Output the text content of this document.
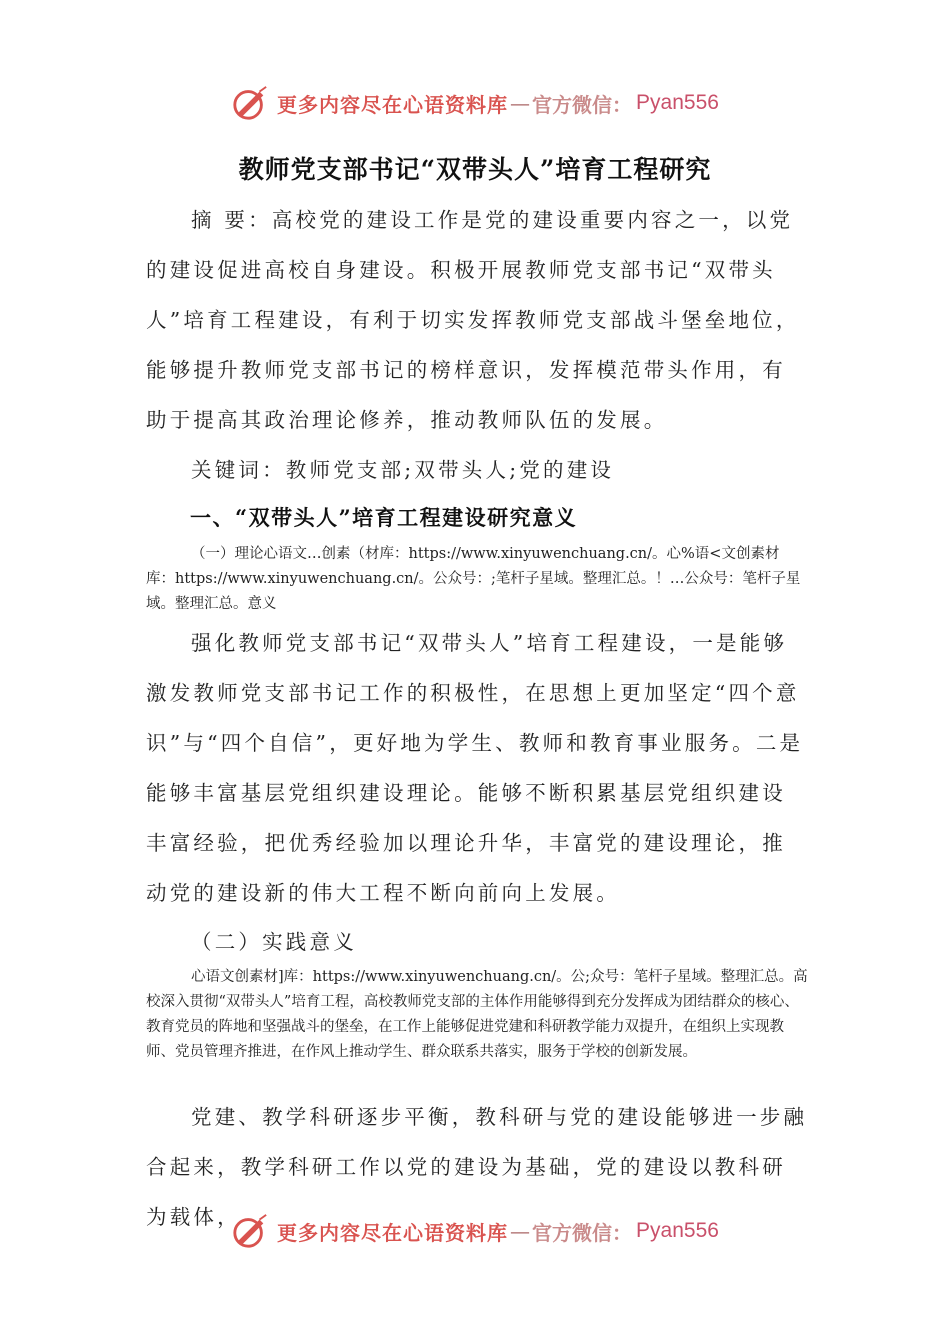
更多内容尽在心语资料库 — 官方微信： Pyan556
教师党支部书记“双带头人”培育工程研究
摘 要：高校党的建设工作是党的建设重要内容之一，以党的建设促进高校自身建设。积极开展教师党支部书记“双带头人”培育工程建设，有利于切实发挥教师党支部战斗堡垒地位，能够提升教师党支部书记的榜样意识，发挥模范带头作用，有助于提高其政治理论修养，推动教师队伍的发展。
关键词：教师党支部;双带头人;党的建设
一、“双带头人”培育工程建设研究意义
（一）理论心语文…创素（材库：https://www.xinyuwenchuang.cn/。心%语<文创素材库：https://www.xinyuwenchuang.cn/。公众号：;笔杆子星域。整理汇总。！…公众号：笔杆子星域。整理汇总。意义
强化教师党支部书记“双带头人”培育工程建设，一是能够激发教师党支部书记工作的积极性，在思想上更加坚定“四个意识”与“四个自信”，更好地为学生、教师和教育事业服务。二是能够丰富基层党组织建设理论。能够不断积累基层党组织建设丰富经验，把优秀经验加以理论升华，丰富党的建设理论，推动党的建设新的伟大工程不断向前向上发展。
（二）实践意义
心语文创素材]库：https://www.xinyuwenchuang.cn/。公;众号：笔杆子星域。整理汇总。高校深入贯彻“双带头人”培育工程，高校教师党支部的主体作用能够得到充分发挥成为团结群众的核心、教育党员的阵地和坚强战斗的堡垒，在工作上能够促进党建和科研教学能力双提升，在组织上实现教师、党员管理齐推进，在作风上推动学生、群众联系共落实，服务于学校的创新发展。
党建、教学科研逐步平衡，教科研与党的建设能够进一步融合起来，教学科研工作以党的建设为基础，党的建设以教科研为载体，
更多内容尽在心语资料库 — 官方微信： Pyan556
